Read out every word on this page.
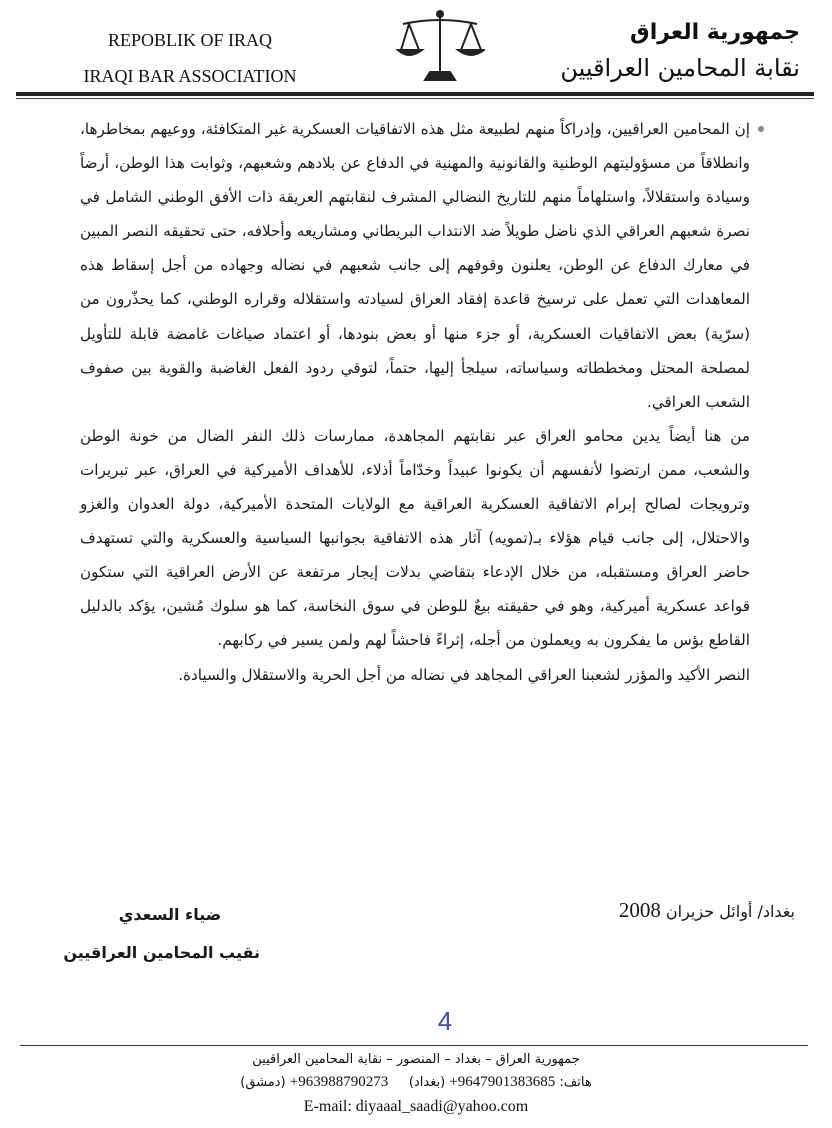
REPOBLIK OF IRAQ
IRAQI BAR ASSOCIATION
جمهورية العراق
نقابة المحامين العراقيين

إن المحامين العراقيين، وإدراكاً منهم لطبيعة مثل هذه الاتفاقيات العسكرية غير المتكافئة، ووعيهم بمخاطرها، وانطلاقاً من مسؤوليتهم الوطنية والقانونية والمهنية في الدفاع عن بلادهم وشعبهم، وثوابت هذا الوطن، أرضاً وسيادة واستقلالاً، واستلهاماً منهم للتاريخ النضالي المشرف لنقابتهم العريقة ذات الأفق الوطني الشامل في نصرة شعبهم العراقي الذي ناضل طويلاً ضد الانتداب البريطاني ومشاريعه وأحلافه، حتى تحقيقه النصر المبين في معارك الدفاع عن الوطن، يعلنون وقوفهم إلى جانب شعبهم في نضاله وجهاده من أجل إسقاط هذه المعاهدات التي تعمل على ترسيخ قاعدة إفقاد العراق لسيادته واستقلاله وقراره الوطني، كما يحذّرون من (سرّية) بعض الاتفاقيات العسكرية، أو جزء منها أو بعض بنودها، أو اعتماد صياغات غامضة قابلة للتأويل لمصلحة المحتل ومخططاته وسياساته، سيلجأ إليها، حتماً، لتوقي ردود الفعل الغاضبة والقوية بين صفوف الشعب العراقي.

من هنا أيضاً يدين محامو العراق عبر نقابتهم المجاهدة، ممارسات ذلك النفر الضال من خونة الوطن والشعب، ممن ارتضوا لأنفسهم أن يكونوا عبيداً وخدّاماً أذلاء، للأهداف الأميركية في العراق، عبر تبريرات وترويجات لصالح إبرام الاتفاقية العسكرية العراقية مع الولايات المتحدة الأميركية، دولة العدوان والغزو والاحتلال، إلى جانب قيام هؤلاء بـ(تمويه) آثار هذه الاتفاقية بجوانبها السياسية والعسكرية والتي تستهدف حاضر العراق ومستقبله، من خلال الإدعاء بتقاضي بدلات إيجار مرتفعة عن الأرض العراقية التي ستكون قواعد عسكرية أميركية، وهو في حقيقته بيعٌ للوطن في سوق النخاسة، كما هو سلوك مُشين، يؤكد بالدليل القاطع بؤس ما يفكرون به ويعملون من أجله، إثراءً فاحشاً لهم ولمن يسير في ركابهم.

النصر الأكيد والمؤزر لشعبنا العراقي المجاهد في نضاله من أجل الحرية والاستقلال والسيادة.

بغداد/ أوائل حزيران 2008
ضياء السعدي
نقيب المحامين العراقيين
4
جمهورية العراق – بغداد – المنصور – نقابة المحامين العراقيين
هاتف: +9647901383685 (بغداد)     +963988790273 (دمشق)
E-mail: diyaaal_saadi@yahoo.com
